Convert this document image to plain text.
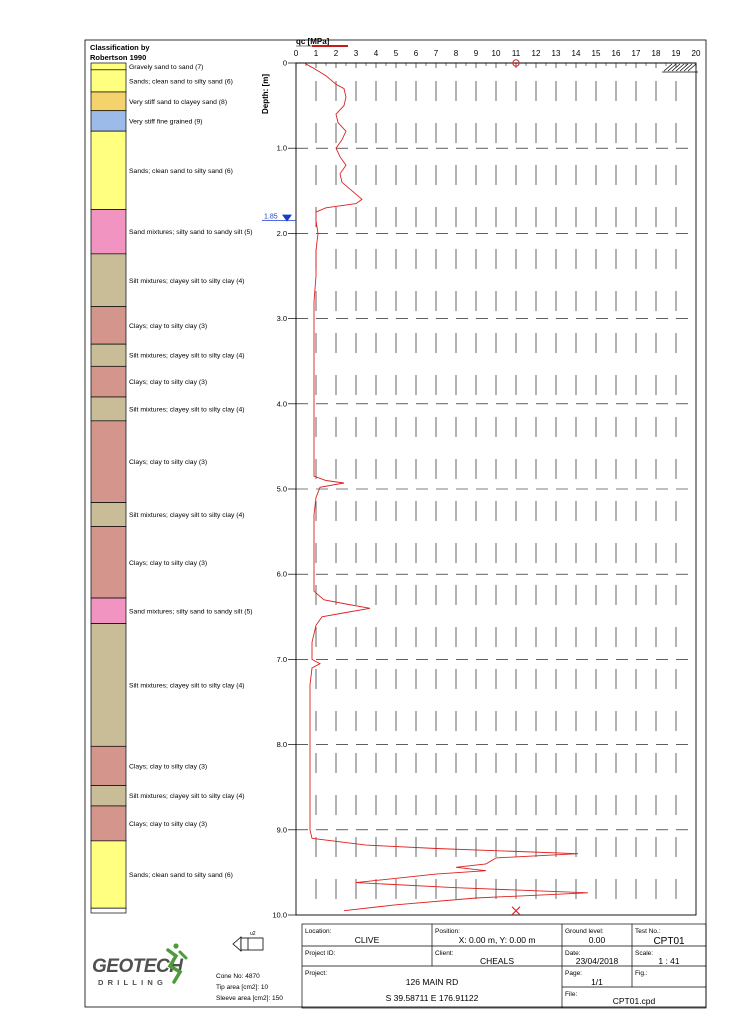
Classification by
Robertson 1990
Gravely sand to sand (7)
Sands; clean sand to silty sand (6)
Very stiff sand to clayey sand (8)
Very stiff fine grained (9)
Sands; clean sand to silty sand (6)
Sand mixtures; silty sand to sandy silt (5)
Silt mixtures; clayey silt to silty clay (4)
Clays; clay to silty clay (3)
Silt mixtures; clayey silt to silty clay (4)
Clays; clay to silty clay (3)
Silt mixtures; clayey silt to silty clay (4)
Clays; clay to silty clay (3)
Silt mixtures; clayey silt to silty clay (4)
Clays; clay to silty clay (3)
Sand mixtures; silty sand to sandy silt (5)
Silt mixtures; clayey silt to silty clay (4)
Clays; clay to silty clay (3)
Silt mixtures; clayey silt to silty clay (4)
Clays; clay to silty clay (3)
Sands; clean sand to silty sand (6)
0 1 2 3 4 5 6 7 8 9 10 11 12 13 14 15 16 17 18 19 20
0
1.0
2.0
3.0
4.0
5.0
6.0
7.0
8.0
9.0
10.0
qc [MPa]
Depth: [m]
1.85
GEOTECH
DRILLING
u2
Cone No: 4870
Tip area [cm2]: 10
Sleeve area [cm2]: 150
Location:
CLIVE
Position:
X: 0.00 m, Y: 0.00 m
Ground level:
0.00
Test No.:
CPT01
Project ID:	Client:
CHEALS
Date:
23/04/2018
Scale:
1 : 41
Project:
126 MAIN RD
S 39.58711 E 176.91122
Page:
1/1
Fig.:
File:
CPT01.cpd
